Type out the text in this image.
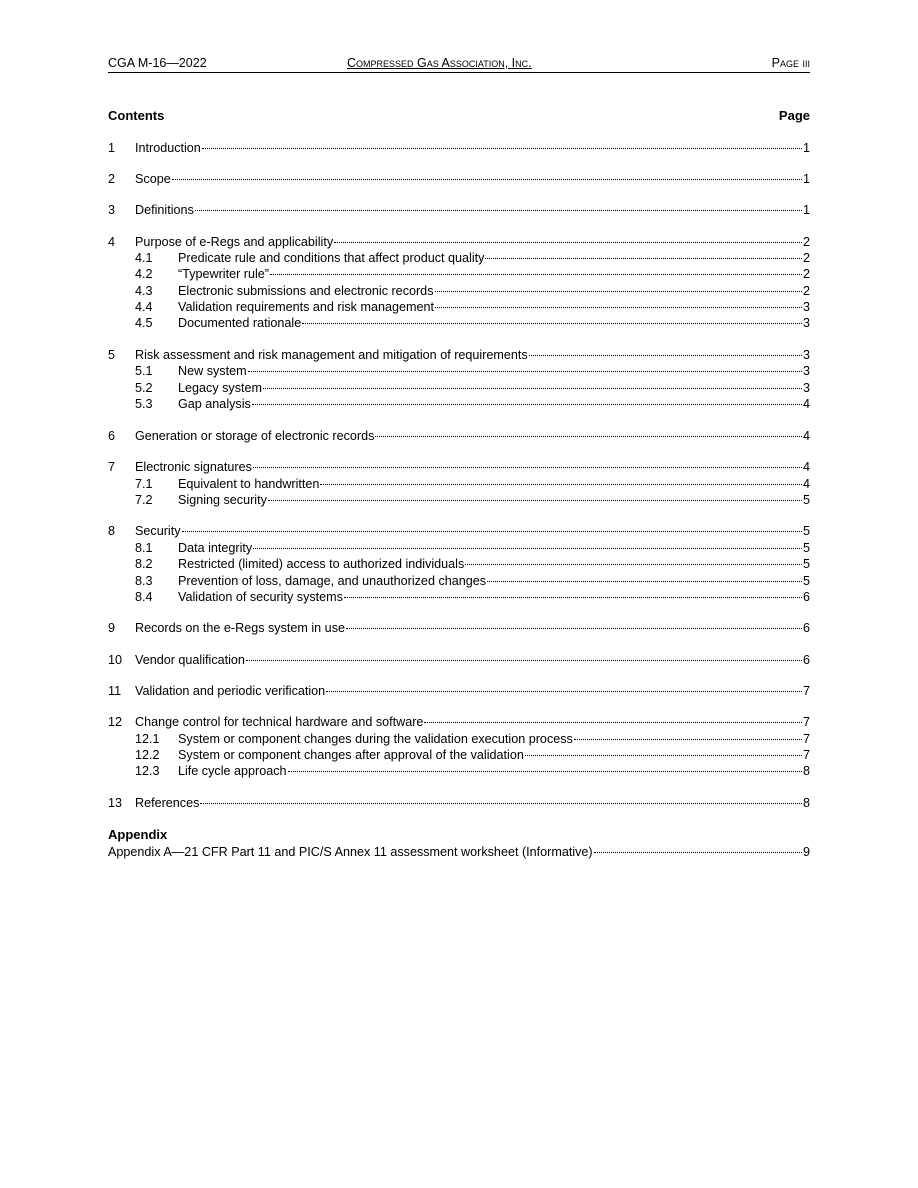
CGA M-16—2022	Compressed Gas Association, Inc.	Page iii
Contents	Page
1	Introduction	1
2	Scope	1
3	Definitions	1
4	Purpose of e-Regs and applicability	2
4.1	Predicate rule and conditions that affect product quality	2
4.2	“Typewriter rule”	2
4.3	Electronic submissions and electronic records	2
4.4	Validation requirements and risk management	3
4.5	Documented rationale	3
5	Risk assessment and risk management and mitigation of requirements	3
5.1	New system	3
5.2	Legacy system	3
5.3	Gap analysis	4
6	Generation or storage of electronic records	4
7	Electronic signatures	4
7.1	Equivalent to handwritten	4
7.2	Signing security	5
8	Security	5
8.1	Data integrity	5
8.2	Restricted (limited) access to authorized individuals	5
8.3	Prevention of loss, damage, and unauthorized changes	5
8.4	Validation of security systems	6
9	Records on the e-Regs system in use	6
10	Vendor qualification	6
11	Validation and periodic verification	7
12	Change control for technical hardware and software	7
12.1	System or component changes during the validation execution process	7
12.2	System or component changes after approval of the validation	7
12.3	Life cycle approach	8
13	References	8
Appendix
Appendix A—21 CFR Part 11 and PIC/S Annex 11 assessment worksheet (Informative)	9
